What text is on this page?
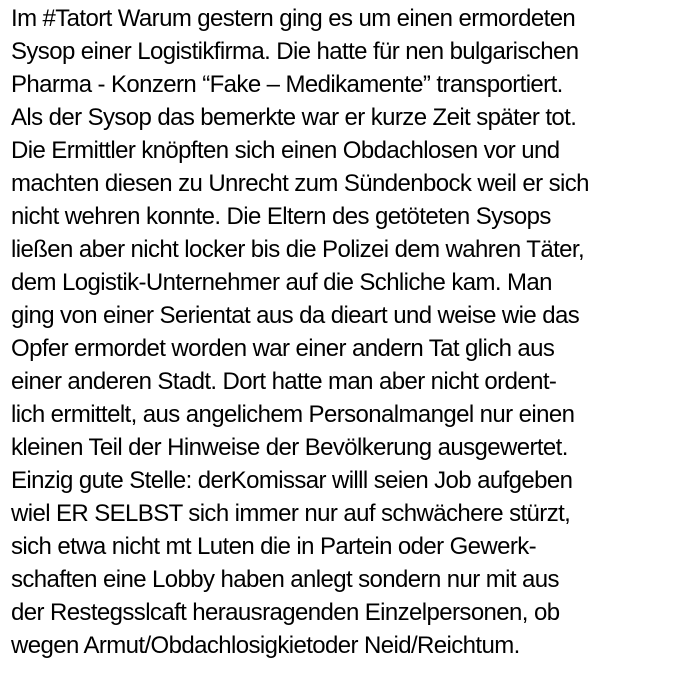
Im #Tatort Warum gestern ging es um einen ermordeten
Sysop einer Logistikfirma. Die hatte für nen bulgarischen
Pharma - Konzern “Fake – Medikamente” transportiert.
Als der Sysop das bemerkte war er kurze Zeit später tot.
Die Ermittler knöpften sich einen Obdachlosen vor und
machten diesen zu Unrecht zum Sündenbock weil er sich
nicht wehren konnte. Die Eltern des getöteten Sysops
ließen aber nicht locker bis die Polizei dem wahren Täter,
dem Logistik-Unternehmer auf die Schliche kam. Man
ging von einer Serientat aus da dieart und weise wie das
Opfer ermordet worden war einer andern Tat glich aus
einer anderen Stadt. Dort hatte man aber nicht ordent-
lich ermittelt, aus angelichem Personalmangel nur einen
kleinen Teil der Hinweise der Bevölkerung ausgewertet.
Einzig gute Stelle: derKomissar willl seien Job aufgeben
wiel ER SELBST sich immer nur auf schwächere stürzt,
sich etwa nicht mt Luten die in Partein oder Gewerk-
schaften eine Lobby haben anlegt sondern nur mit aus
der Restegsslcaft herausragenden Einzelpersonen, ob
wegen Armut/Obdachlosigkietoder Neid/Reichtum.
